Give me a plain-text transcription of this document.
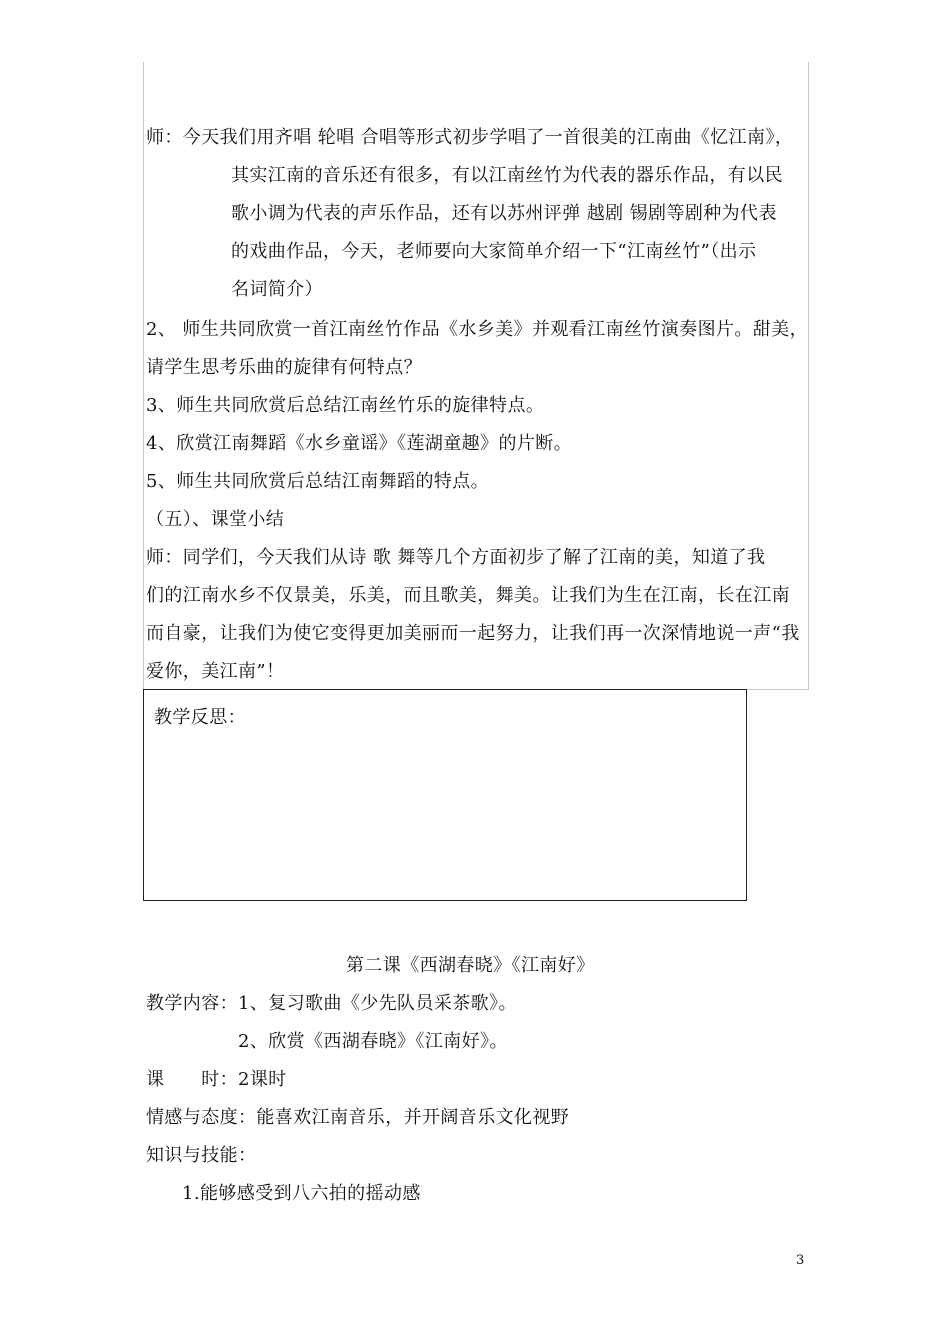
师：今天我们用齐唱 轮唱 合唱等形式初步学唱了一首很美的江南曲《忆江南》，
其实江南的音乐还有很多，有以江南丝竹为代表的器乐作品，有以民
歌小调为代表的声乐作品，还有以苏州评弹 越剧 锡剧等剧种为代表
的戏曲作品，今天，老师要向大家简单介绍一下“江南丝竹”（出示
名词简介）
2、 师生共同欣赏一首江南丝竹作品《水乡美》并观看江南丝竹演奏图片。甜美，
请学生思考乐曲的旋律有何特点？
3、师生共同欣赏后总结江南丝竹乐的旋律特点。
4、欣赏江南舞蹈《水乡童谣》《莲湖童趣》的片断。
5、师生共同欣赏后总结江南舞蹈的特点。
（五）、课堂小结
师：同学们，今天我们从诗 歌 舞等几个方面初步了解了江南的美，知道了我
们的江南水乡不仅景美，乐美，而且歌美，舞美。让我们为生在江南，长在江南
而自豪，让我们为使它变得更加美丽而一起努力，让我们再一次深情地说一声“我
爱你，美江南”！
教学反思：
第二课《西湖春晓》《江南好》
教学内容：1、复习歌曲《少先队员采茶歌》。
2、欣赏《西湖春晓》《江南好》。
课　　时：2课时
情感与态度：能喜欢江南音乐，并开阔音乐文化视野
知识与技能：
1.能够感受到八六拍的摇动感
3
